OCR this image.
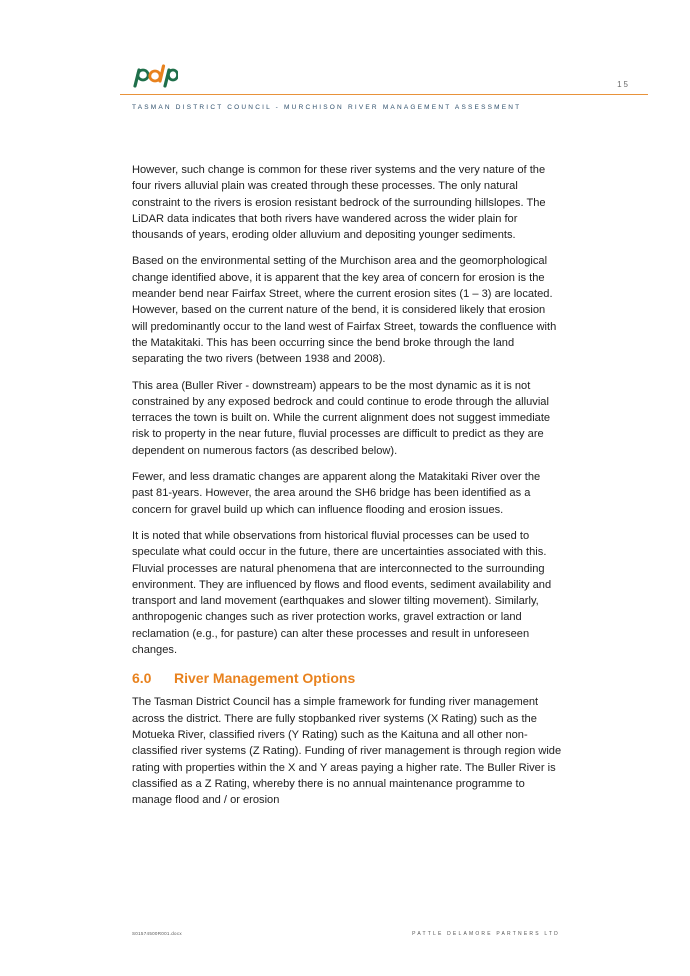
15
TASMAN DISTRICT COUNCIL - MURCHISON RIVER MANAGEMENT ASSESSMENT

However, such change is common for these river systems and the very nature of the four rivers alluvial plain was created through these processes. The only natural constraint to the rivers is erosion resistant bedrock of the surrounding hillslopes. The LiDAR data indicates that both rivers have wandered across the wider plain for thousands of years, eroding older alluvium and depositing younger sediments.

Based on the environmental setting of the Murchison area and the geomorphological change identified above, it is apparent that the key area of concern for erosion is the meander bend near Fairfax Street, where the current erosion sites (1 – 3) are located. However, based on the current nature of the bend, it is considered likely that erosion will predominantly occur to the land west of Fairfax Street, towards the confluence with the Matakitaki. This has been occurring since the bend broke through the land separating the two rivers (between 1938 and 2008).

This area (Buller River - downstream) appears to be the most dynamic as it is not constrained by any exposed bedrock and could continue to erode through the alluvial terraces the town is built on. While the current alignment does not suggest immediate risk to property in the near future, fluvial processes are difficult to predict as they are dependent on numerous factors (as described below).

Fewer, and less dramatic changes are apparent along the Matakitaki River over the past 81-years. However, the area around the SH6 bridge has been identified as a concern for gravel build up which can influence flooding and erosion issues.

It is noted that while observations from historical fluvial processes can be used to speculate what could occur in the future, there are uncertainties associated with this. Fluvial processes are natural phenomena that are interconnected to the surrounding environment. They are influenced by flows and flood events, sediment availability and transport and land movement (earthquakes and slower tilting movement). Similarly, anthropogenic changes such as river protection works, gravel extraction or land reclamation (e.g., for pasture) can alter these processes and result in unforeseen changes.

6.0 River Management Options

The Tasman District Council has a simple framework for funding river management across the district. There are fully stopbanked river systems (X Rating) such as the Motueka River, classified rivers (Y Rating) such as the Kaituna and all other non-classified river systems (Z Rating). Funding of river management is through region wide rating with properties within the X and Y areas paying a higher rate. The Buller River is classified as a Z Rating, whereby there is no annual maintenance programme to manage flood and / or erosion

S01574500R001.docx	PATTLE DELAMORE PARTNERS LTD
